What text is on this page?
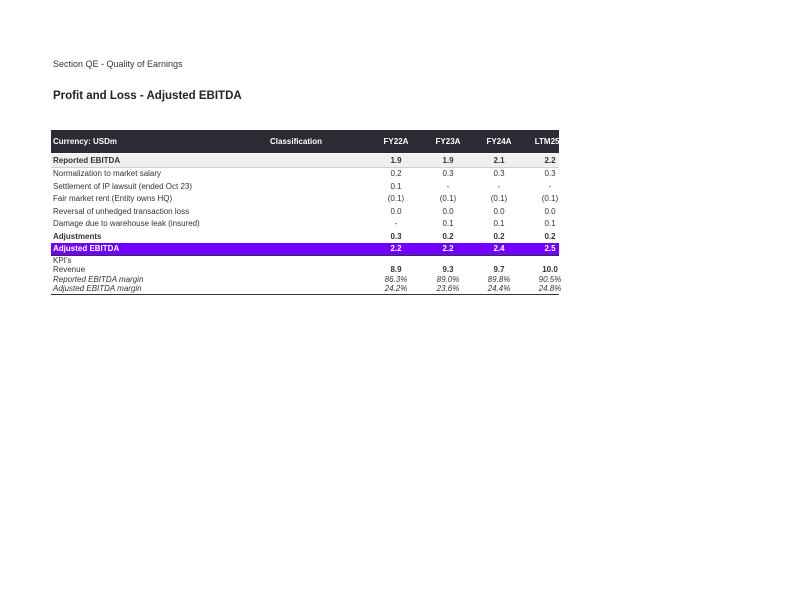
Section QE - Quality of Earnings
Profit and Loss - Adjusted EBITDA
Currency: USDm	Classification	FY22A	FY23A	FY24A	LTM25A
Reported EBITDA	1.9	1.9	2.1	2.2
Normalization to market salary	0.2	0.3	0.3	0.3
Settlement of IP lawsuit (ended Oct 23)	0.1	-	-	-
Fair market rent (Entity owns HQ)	(0.1)	(0.1)	(0.1)	(0.1)
Reversal of unhedged transaction loss	0.0	0.0	0.0	0.0
Damage due to warehouse leak (insured)	-	0.1	0.1	0.1
Adjustments	0.3	0.2	0.2	0.2
Adjusted EBITDA	2.2	2.2	2.4	2.5
KPI's
Revenue	8.9	9.3	9.7	10.0
Reported EBITDA margin	86.3%	89.0%	89.8%	90.5%
Adjusted EBITDA margin	24.2%	23.6%	24.4%	24.8%
